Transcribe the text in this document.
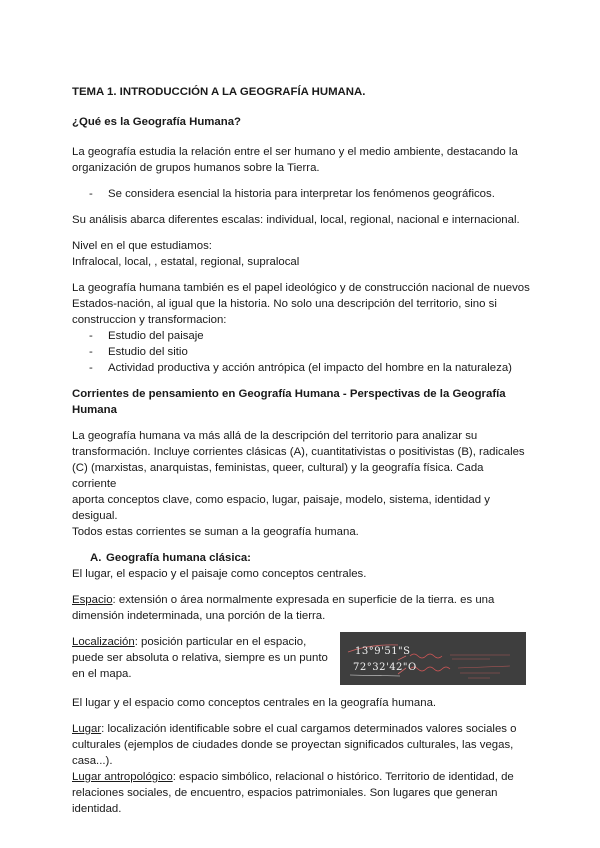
TEMA 1. INTRODUCCIÓN A LA GEOGRAFÍA HUMANA.

¿Qué es la Geografía Humana?

La geografía estudia la relación entre el ser humano y el medio ambiente, destacando la
organización de grupos humanos sobre la Tierra.

- Se considera esencial la historia para interpretar los fenómenos geográficos.

Su análisis abarca diferentes escalas: individual, local, regional, nacional e internacional.

Nivel en el que estudiamos:
Infralocal, local, , estatal, regional, supralocal

La geografía humana también es el papel ideológico y de construcción nacional de nuevos
Estados-nación, al igual que la historia. No solo una descripción del territorio, sino si
construccion y transformacion:

- Estudio del paisaje
- Estudio del sitio
- Actividad productiva y acción antrópica (el impacto del hombre en la naturaleza)

Corrientes de pensamiento en Geografía Humana - Perspectivas de la Geografía
Humana

La geografía humana va más allá de la descripción del territorio para analizar su
transformación. Incluye corrientes clásicas (A), cuantitativistas o positivistas (B), radicales
(C) (marxistas, anarquistas, feministas, queer, cultural) y la geografía física. Cada corriente
aporta conceptos clave, como espacio, lugar, paisaje, modelo, sistema, identidad y desigual.
Todos estas corrientes se suman a la geografía humana.

A. Geografía humana clásica:

El lugar, el espacio y el paisaje como conceptos centrales.

Espacio: extensión o área normalmente expresada en superficie de la tierra. es una
dimensión indeterminada, una porción de la tierra.

Localización: posición particular en el espacio,
puede ser absoluta o relativa, siempre es un punto
en el mapa.

13°9'51"S
72°32'42"O

El lugar y el espacio como conceptos centrales en la geografía humana.

Lugar: localización identificable sobre el cual cargamos determinados valores sociales o
culturales (ejemplos de ciudades donde se proyectan significados culturales, las vegas,
casa...).

Lugar antropológico: espacio simbólico, relacional o histórico. Territorio de identidad, de
relaciones sociales, de encuentro, espacios patrimoniales. Son lugares que generan
identidad.
